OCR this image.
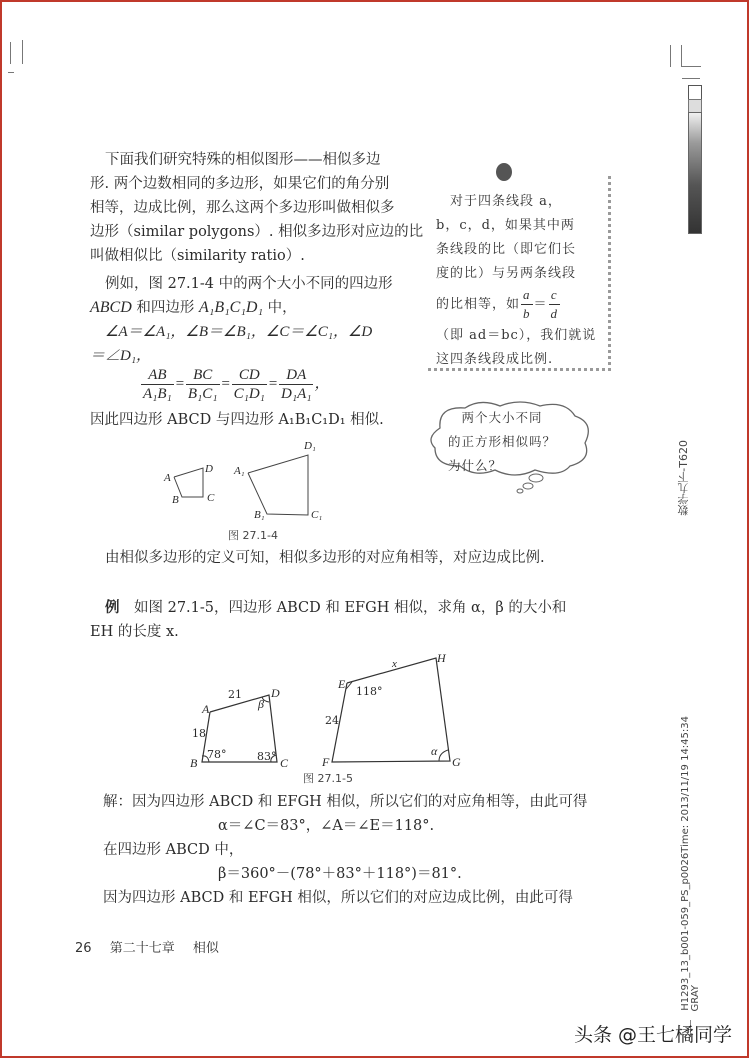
下面我们研究特殊的相似图形——相似多边
形. 两个边数相同的多边形，如果它们的角分别
相等，边成比例，那么这两个多边形叫做相似多
边形（similar polygons）. 相似多边形对应边的比
叫做相似比（similarity ratio）.
例如，图 27.1-4 中的两个大小不同的四边形
ABCD 和四边形 A₁B₁C₁D₁ 中，
∠A＝∠A₁，∠B＝∠B₁，∠C＝∠C₁，∠D
＝∠D₁，
$\frac{AB}{\text{A₁B₁}} = \frac{BC}{\text{B₁C₁}} = \frac{CD}{\text{C₁D₁}} = \frac{DA}{\text{D₁A₁}}$ ，
因此四边形 ABCD 与四边形 A₁B₁C₁D₁ 相似.
　对于四条线段 a，
b，c，d，如果其中两
条线段的比（即它们长
度的比）与另两条线段
的比相等，如 $\frac{a}{b} = \frac{c}{d}$
（即 ad＝bc），我们就说
这四条线段成比例.
　两个大小不同
的正方形相似吗？
为什么？
A
D
B	C
A₁
D₁
B₁	C₁
图 27.1-4
由相似多边形的定义可知，相似多边形的对应角相等，对应边成比例.
例　 如图 27.1-5，四边形 ABCD 和 EFGH 相似，求角 α，β 的大小和
EH 的长度 x.
A
D
B	C
21
18
78°	83°
β
E
H
F	G
x
24
118°
α
图 27.1-5
解：因为四边形 ABCD 和 EFGH 相似，所以它们的对应角相等，由此可得
α＝∠C＝83°，∠A＝∠E＝118°.
在四边形 ABCD 中，
β＝360°－(78°＋83°＋118°)＝81°.
因为四边形 ABCD 和 EFGH 相似，所以它们的对应边成比例，由此可得
26 第二十七章 相似
数学九下-T620
H1293_13_b001-059_PS_p0026Time: 2013/11/19 14:45:34 GRAY
头条 @王七橘同学
